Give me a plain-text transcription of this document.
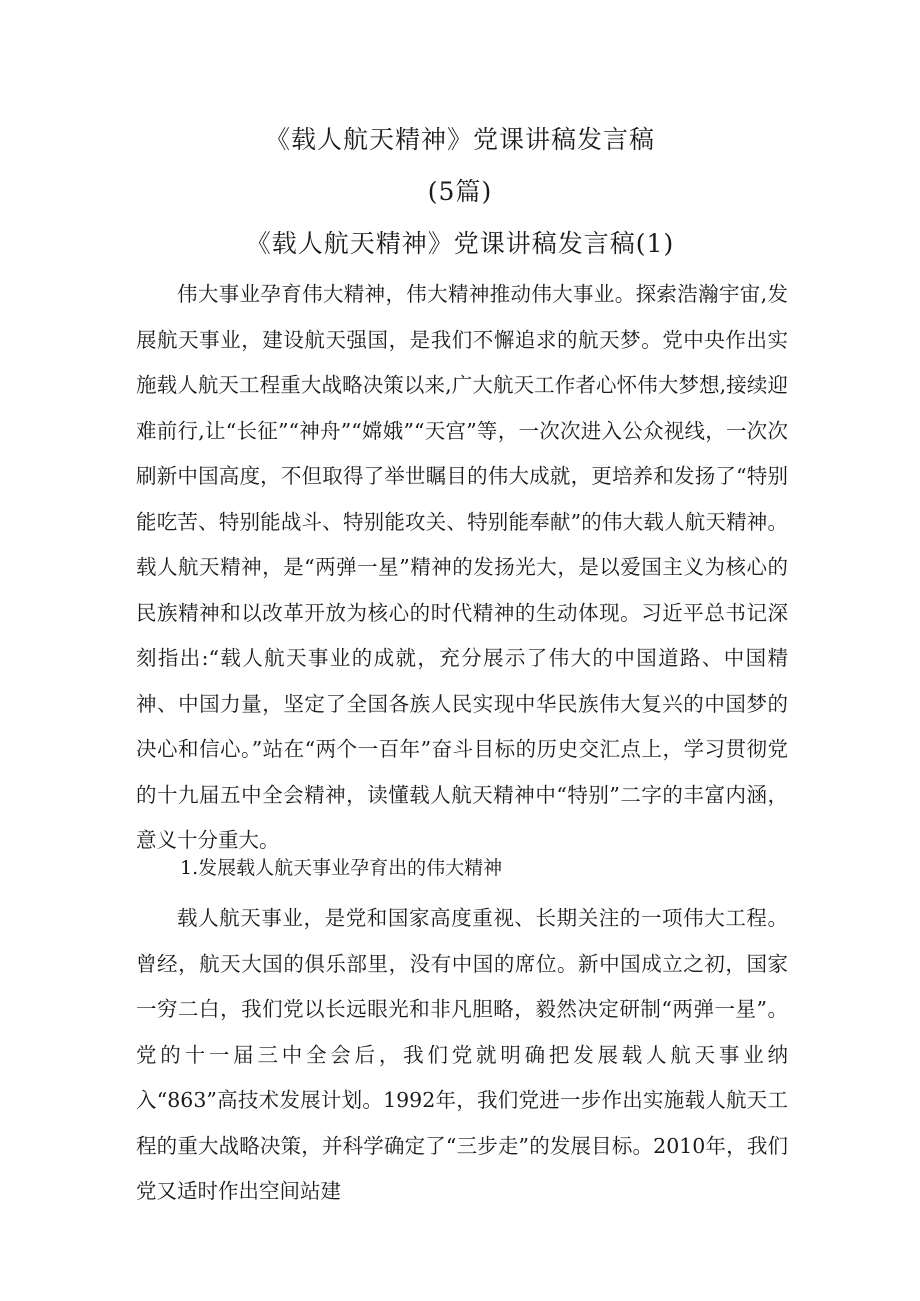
《载人航天精神》党课讲稿发言稿
(5篇)
《载人航天精神》党课讲稿发言稿(1)

伟大事业孕育伟大精神，伟大精神推动伟大事业。探索浩瀚宇宙,发展航天事业，建设航天强国，是我们不懈追求的航天梦。党中央作出实施载人航天工程重大战略决策以来,广大航天工作者心怀伟大梦想,接续迎难前行,让“长征”“神舟”“嫦娥”“天宫”等，一次次进入公众视线，一次次刷新中国高度，不但取得了举世瞩目的伟大成就，更培养和发扬了“特别能吃苦、特别能战斗、特别能攻关、特别能奉献”的伟大载人航天精神。载人航天精神，是“两弹一星”精神的发扬光大，是以爱国主义为核心的民族精神和以改革开放为核心的时代精神的生动体现。习近平总书记深刻指出:“载人航天事业的成就，充分展示了伟大的中国道路、中国精神、中国力量，坚定了全国各族人民实现中华民族伟大复兴的中国梦的决心和信心。”站在“两个一百年”奋斗目标的历史交汇点上，学习贯彻党的十九届五中全会精神，读懂载人航天精神中“特别”二字的丰富内涵，意义十分重大。

1.发展载人航天事业孕育出的伟大精神

载人航天事业，是党和国家高度重视、长期关注的一项伟大工程。曾经，航天大国的俱乐部里，没有中国的席位。新中国成立之初，国家一穷二白，我们党以长远眼光和非凡胆略，毅然决定研制“两弹一星”。党的十一届三中全会后，我们党就明确把发展载人航天事业纳入“863”高技术发展计划。1992年，我们党进一步作出实施载人航天工程的重大战略决策，并科学确定了“三步走”的发展目标。2010年，我们党又适时作出空间站建
